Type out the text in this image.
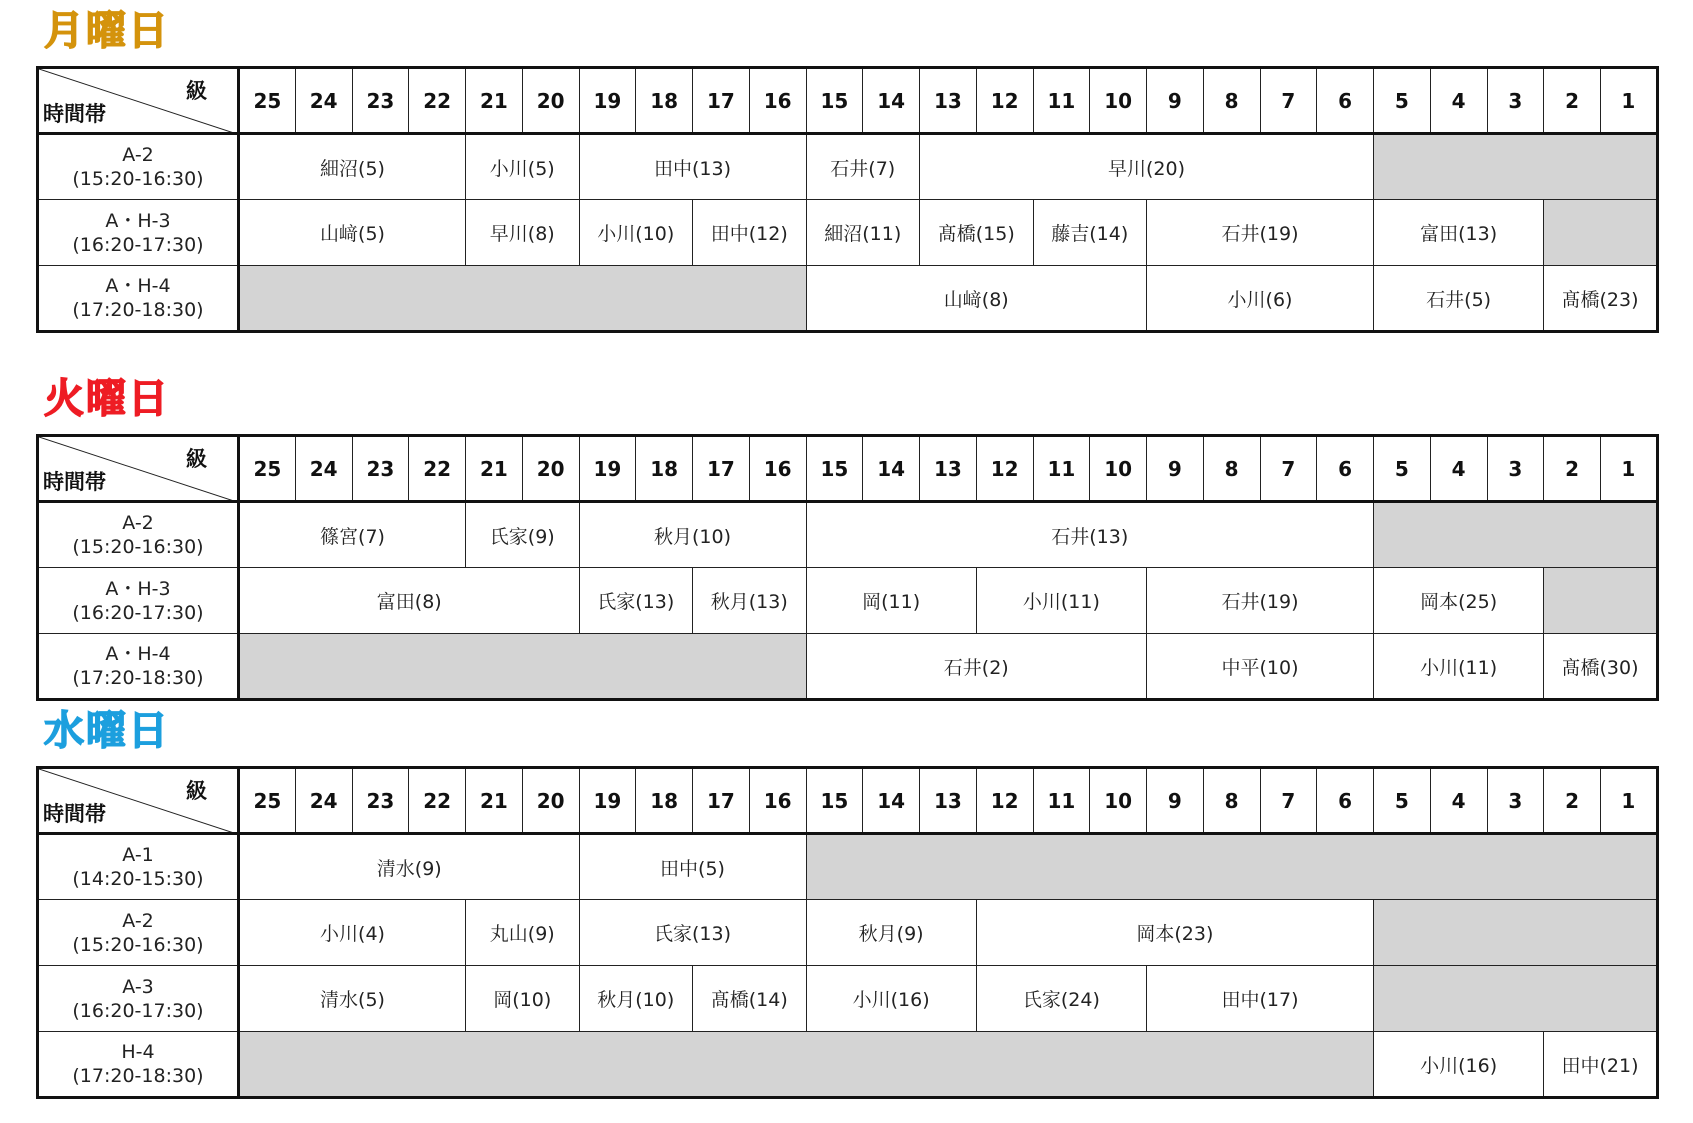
月曜日
級
時間帯	25	24	23	22	21	20	19	18	17	16	15	14	13	12	11	10	9	8	7	6	5	4	3	2	1

A-2
(15:20-16:30)	細沼(5)				小川(5)		田中(13)				石井(7)		早川(20)												

A・H-3
(16:20-17:30)	山﨑(5)				早川(8)		小川(10)		田中(12)		細沼(11)		髙橋(15)		藤吉(14)		石井(19)				富田(13)				

A・H-4
(17:20-18:30)											山﨑(8)						小川(6)				石井(5)			髙橋(23)	
火曜日
級
時間帯	25	24	23	22	21	20	19	18	17	16	15	14	13	12	11	10	9	8	7	6	5	4	3	2	1

A-2
(15:20-16:30)	篠宮(7)				氏家(9)		秋月(10)				石井(13)														

A・H-3
(16:20-17:30)	富田(8)						氏家(13)		秋月(13)		岡(11)			小川(11)			石井(19)				岡本(25)				

A・H-4
(17:20-18:30)											石井(2)						中平(10)				小川(11)			髙橋(30)	
水曜日
級
時間帯	25	24	23	22	21	20	19	18	17	16	15	14	13	12	11	10	9	8	7	6	5	4	3	2	1

A-1
(14:20-15:30)	清水(9)						田中(5)																		

A-2
(15:20-16:30)	小川(4)				丸山(9)		氏家(13)				秋月(9)			岡本(23)											

A-3
(16:20-17:30)	清水(5)				岡(10)		秋月(10)		髙橋(14)		小川(16)			氏家(24)			田中(17)								

H-4
(17:20-18:30)																					小川(16)			田中(21)	
